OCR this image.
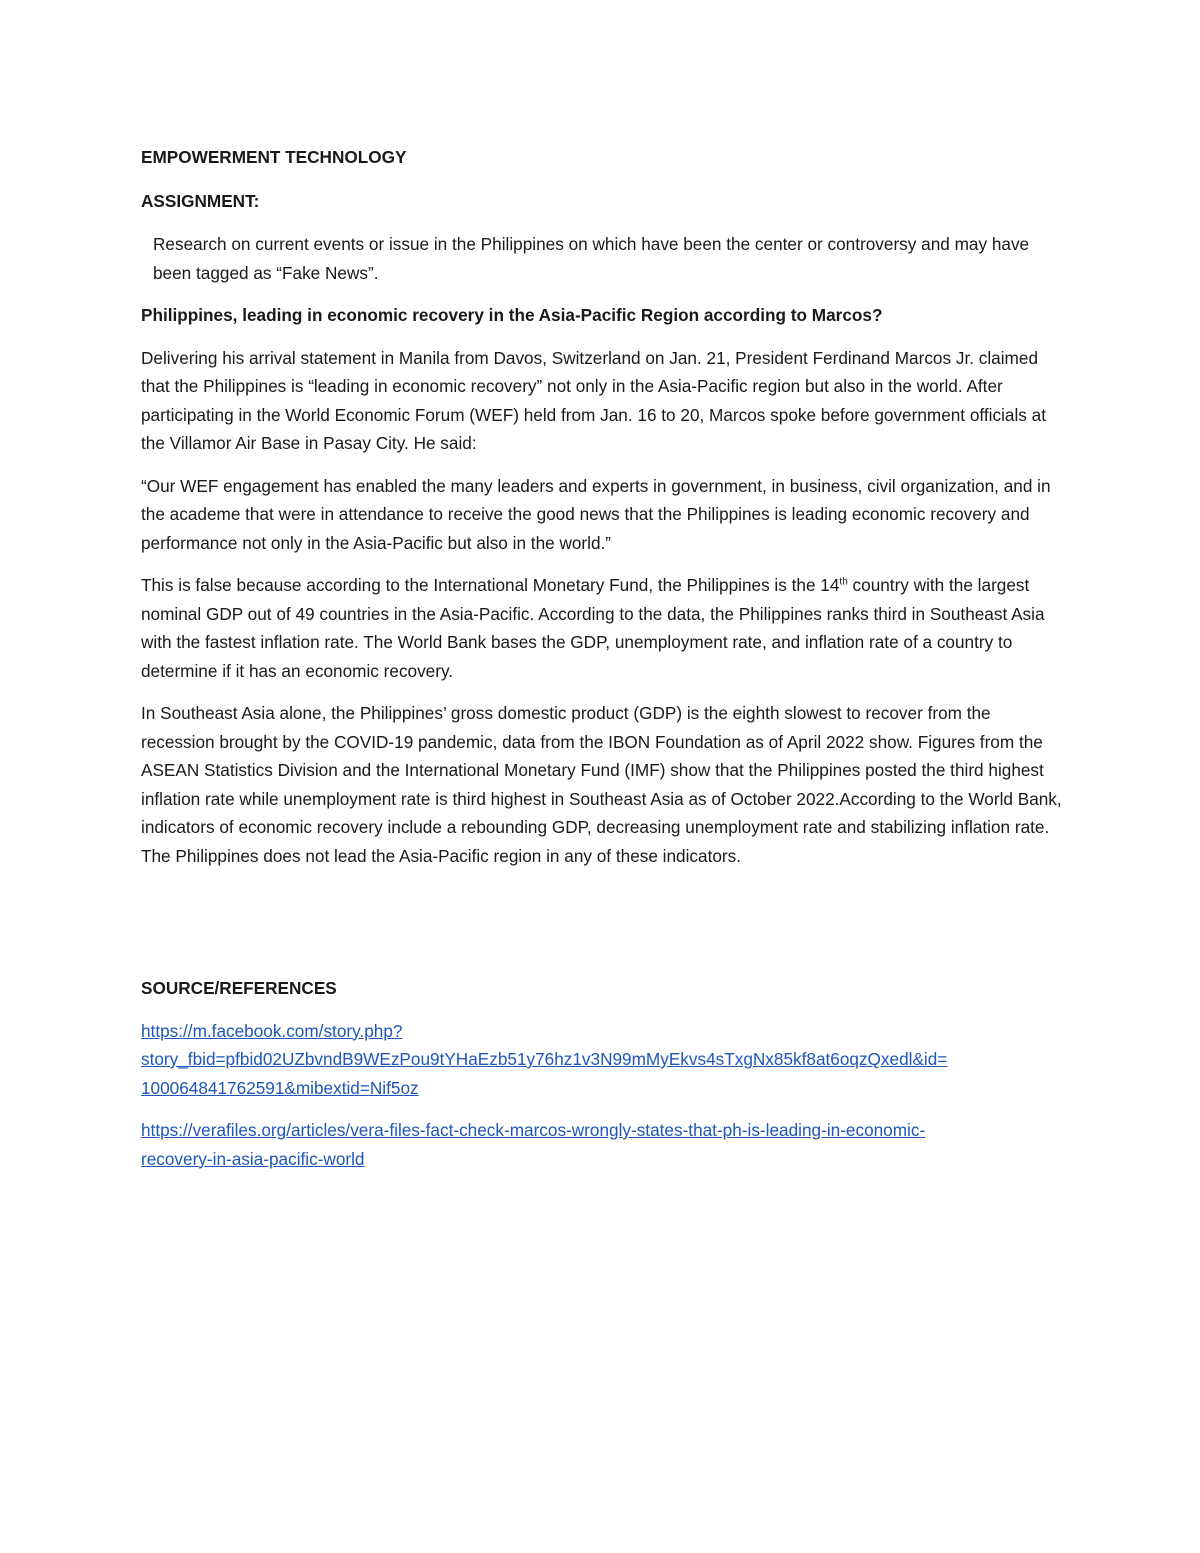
EMPOWERMENT TECHNOLOGY

ASSIGNMENT:

Research on current events or issue in the Philippines on which have been the center or controversy and may have been tagged as “Fake News”.

Philippines, leading in economic recovery in the Asia-Pacific Region according to Marcos?

Delivering his arrival statement in Manila from Davos, Switzerland on Jan. 21, President Ferdinand Marcos Jr. claimed that the Philippines is “leading in economic recovery” not only in the Asia-Pacific region but also in the world. After participating in the World Economic Forum (WEF) held from Jan. 16 to 20, Marcos spoke before government officials at the Villamor Air Base in Pasay City. He said:

“Our WEF engagement has enabled the many leaders and experts in government, in business, civil organization, and in the academe that were in attendance to receive the good news that the Philippines is leading economic recovery and performance not only in the Asia-Pacific but also in the world.”

This is false because according to the International Monetary Fund, the Philippines is the 14th country with the largest nominal GDP out of 49 countries in the Asia-Pacific. According to the data, the Philippines ranks third in Southeast Asia with the fastest inflation rate. The World Bank bases the GDP, unemployment rate, and inflation rate of a country to determine if it has an economic recovery.

In Southeast Asia alone, the Philippines’ gross domestic product (GDP) is the eighth slowest to recover from the recession brought by the COVID-19 pandemic, data from the IBON Foundation as of April 2022 show. Figures from the ASEAN Statistics Division and the International Monetary Fund (IMF) show that the Philippines posted the third highest inflation rate while unemployment rate is third highest in Southeast Asia as of October 2022.According to the World Bank, indicators of economic recovery include a rebounding GDP, decreasing unemployment rate and stabilizing inflation rate. The Philippines does not lead the Asia-Pacific region in any of these indicators.

SOURCE/REFERENCES

https://m.facebook.com/story.php?
story_fbid=pfbid02UZbvndB9WEzPou9tYHaEzb51y76hz1v3N99mMyEkvs4sTxgNx85kf8at6oqzQxedl&id=
100064841762591&mibextid=Nif5oz
https://verafiles.org/articles/vera-files-fact-check-marcos-wrongly-states-that-ph-is-leading-in-economic-
recovery-in-asia-pacific-world
